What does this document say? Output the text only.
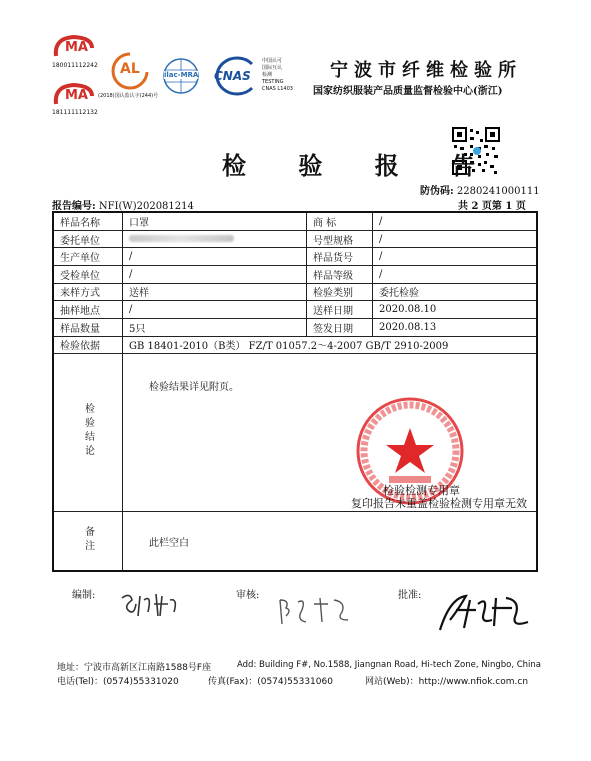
MA
180011112242
MA
181111112132
AL
(2018)国认监认字(244)号
ilac-MRA CNAS
中国认可
国际互认
检测
TESTING
CNAS L1403
宁波市纤维检验所
国家纺织服装产品质量监督检验中心(浙江)
检 验 报 告
防伪码: 2280241000111
报告编号: NFI(W)202081214	共 2 页第 1 页
样品名称	口罩	商 标	/
委托单位		号型规格	/
生产单位	/	样品货号	/
受检单位	/	样品等级	/
来样方式	送样	检验类别	委托检验
抽样地点	/	送样日期	2020.08.10
样品数量	5只	签发日期	2020.08.13
检验依据	GB 18401-2010（B类） FZ/T 01057.2～4-2007 GB/T 2910-2009		
检验结论	检验结果详见附页。
检验检测专用章
复印报告未重盖检验检测专用章无效		

备注	此栏空白		
编制:	审核:	批准:
地址：宁波市高新区江南路1588号F座	Add: Building F#, No.1588, Jiangnan Road, Hi-tech Zone, Ningbo, China
电话(Tel)：(0574)55331020	传真(Fax)：(0574)55331060	网站(Web)：http://www.nfiok.com.cn
